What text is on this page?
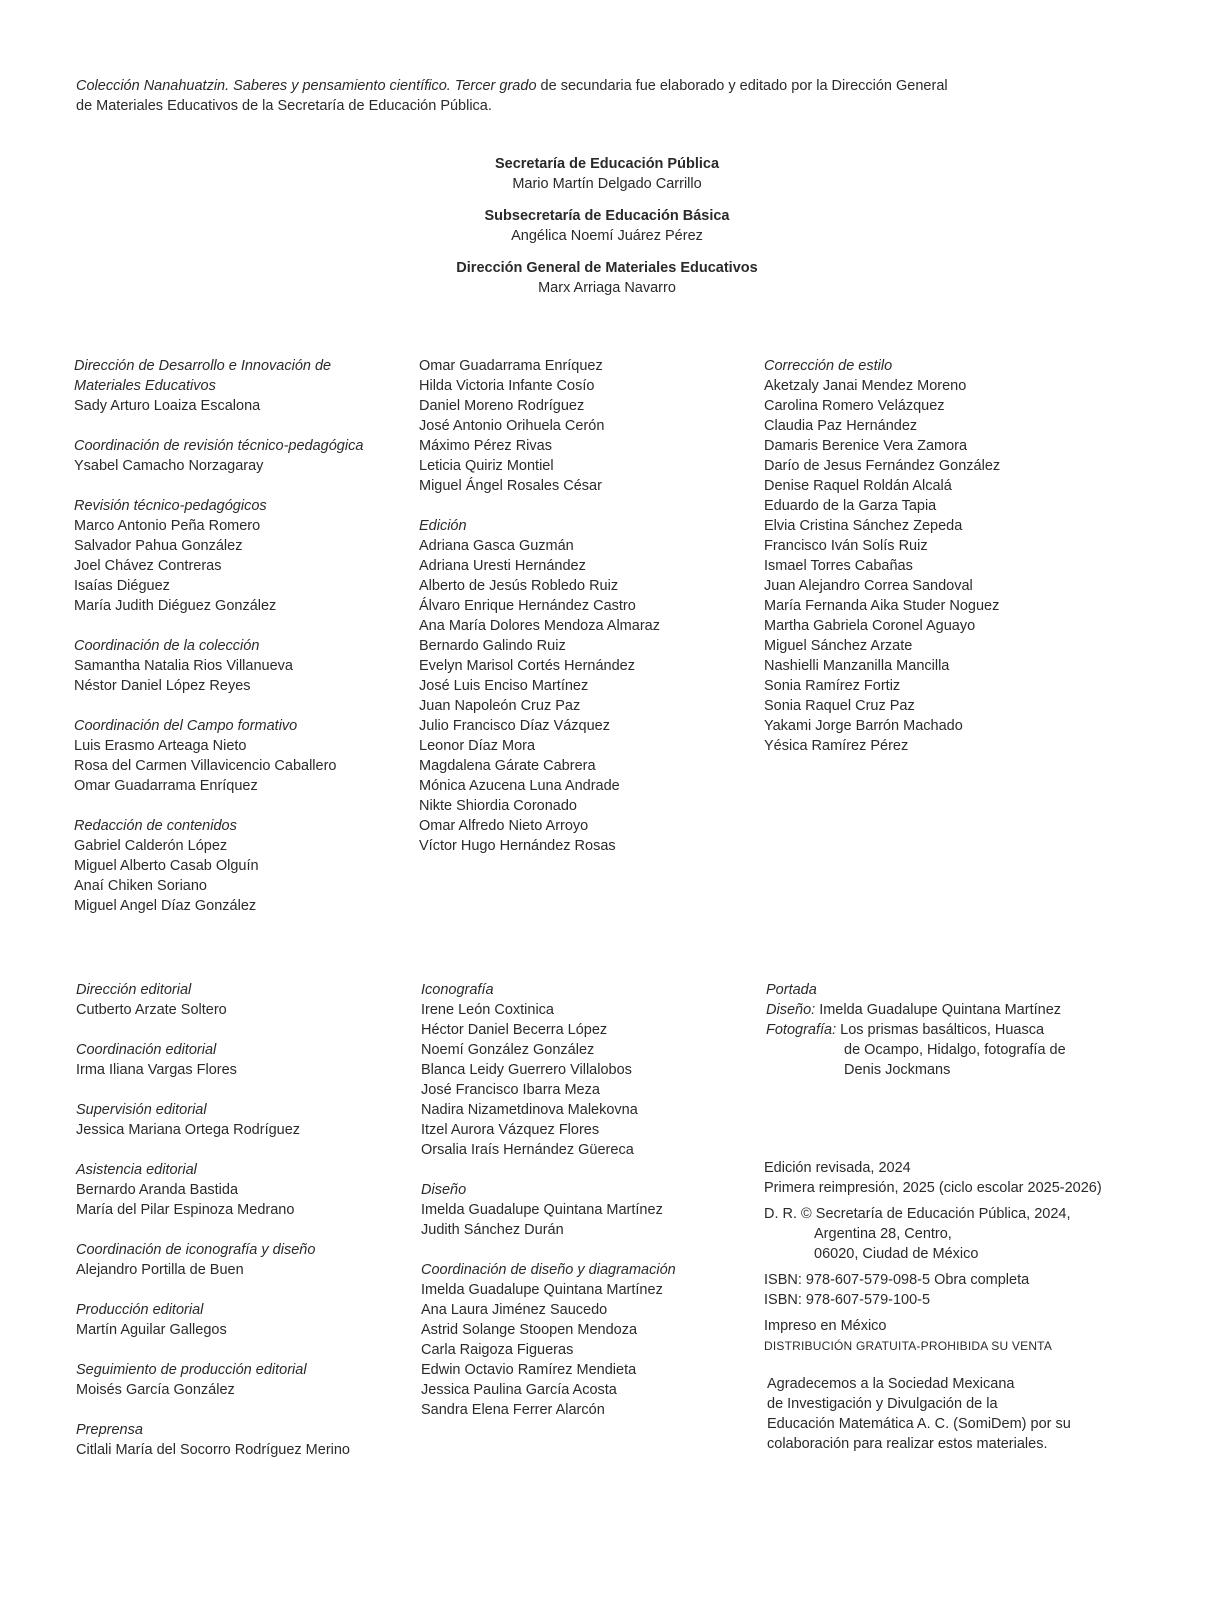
Colección Nanahuatzin. Saberes y pensamiento científico. Tercer grado de secundaria fue elaborado y editado por la Dirección General
de Materiales Educativos de la Secretaría de Educación Pública.
Secretaría de Educación Pública
Mario Martín Delgado Carrillo
Subsecretaría de Educación Básica
Angélica Noemí Juárez Pérez
Dirección General de Materiales Educativos
Marx Arriaga Navarro
Dirección de Desarrollo e Innovación de
Materiales Educativos
Sady Arturo Loaiza Escalona
Coordinación de revisión técnico-pedagógica
Ysabel Camacho Norzagaray
Revisión técnico-pedagógicos
Marco Antonio Peña Romero
Salvador Pahua González
Joel Chávez Contreras
Isaías Diéguez
María Judith Diéguez González
Coordinación de la colección
Samantha Natalia Rios Villanueva
Néstor Daniel López Reyes
Coordinación del Campo formativo
Luis Erasmo Arteaga Nieto
Rosa del Carmen Villavicencio Caballero
Omar Guadarrama Enríquez
Redacción de contenidos
Gabriel Calderón López
Miguel Alberto Casab Olguín
Anaí Chiken Soriano
Miguel Angel Díaz González
Omar Guadarrama Enríquez
Hilda Victoria Infante Cosío
Daniel Moreno Rodríguez
José Antonio Orihuela Cerón
Máximo Pérez Rivas
Leticia Quiriz Montiel
Miguel Ángel Rosales César
Edición
Adriana Gasca Guzmán
Adriana Uresti Hernández
Alberto de Jesús Robledo Ruiz
Álvaro Enrique Hernández Castro
Ana María Dolores Mendoza Almaraz
Bernardo Galindo Ruiz
Evelyn Marisol Cortés Hernández
José Luis Enciso Martínez
Juan Napoleón Cruz Paz
Julio Francisco Díaz Vázquez
Leonor Díaz Mora
Magdalena Gárate Cabrera
Mónica Azucena Luna Andrade
Nikte Shiordia Coronado
Omar Alfredo Nieto Arroyo
Víctor Hugo Hernández Rosas
Corrección de estilo
Aketzaly Janai Mendez Moreno
Carolina Romero Velázquez
Claudia Paz Hernández
Damaris Berenice Vera Zamora
Darío de Jesus Fernández González
Denise Raquel Roldán Alcalá
Eduardo de la Garza Tapia
Elvia Cristina Sánchez Zepeda
Francisco Iván Solís Ruiz
Ismael Torres Cabañas
Juan Alejandro Correa Sandoval
María Fernanda Aika Studer Noguez
Martha Gabriela Coronel Aguayo
Miguel Sánchez Arzate
Nashielli Manzanilla Mancilla
Sonia Ramírez Fortiz
Sonia Raquel Cruz Paz
Yakami Jorge Barrón Machado
Yésica Ramírez Pérez
Dirección editorial
Cutberto Arzate Soltero
Coordinación editorial
Irma Iliana Vargas Flores
Supervisión editorial
Jessica Mariana Ortega Rodríguez
Asistencia editorial
Bernardo Aranda Bastida
María del Pilar Espinoza Medrano
Coordinación de iconografía y diseño
Alejandro Portilla de Buen
Producción editorial
Martín Aguilar Gallegos
Seguimiento de producción editorial
Moisés García González
Preprensa
Citlali María del Socorro Rodríguez Merino
Iconografía
Irene León Coxtinica
Héctor Daniel Becerra López
Noemí González González
Blanca Leidy Guerrero Villalobos
José Francisco Ibarra Meza
Nadira Nizametdinova Malekovna
Itzel Aurora Vázquez Flores
Orsalia Iraís Hernández Güereca
Diseño
Imelda Guadalupe Quintana Martínez
Judith Sánchez Durán
Coordinación de diseño y diagramación
Imelda Guadalupe Quintana Martínez
Ana Laura Jiménez Saucedo
Astrid Solange Stoopen Mendoza
Carla Raigoza Figueras
Edwin Octavio Ramírez Mendieta
Jessica Paulina García Acosta
Sandra Elena Ferrer Alarcón
Portada
Diseño: Imelda Guadalupe Quintana Martínez
Fotografía: Los prismas basálticos, Huasca
de Ocampo, Hidalgo, fotografía de
Denis Jockmans
Edición revisada, 2024
Primera reimpresión, 2025 (ciclo escolar 2025-2026)
D. R. © Secretaría de Educación Pública, 2024,
Argentina 28, Centro,
06020, Ciudad de México
ISBN: 978-607-579-098-5 Obra completa
ISBN: 978-607-579-100-5
Impreso en México
DISTRIBUCIÓN GRATUITA-PROHIBIDA SU VENTA
Agradecemos a la Sociedad Mexicana
de Investigación y Divulgación de la
Educación Matemática A. C. (SomiDem) por su
colaboración para realizar estos materiales.
